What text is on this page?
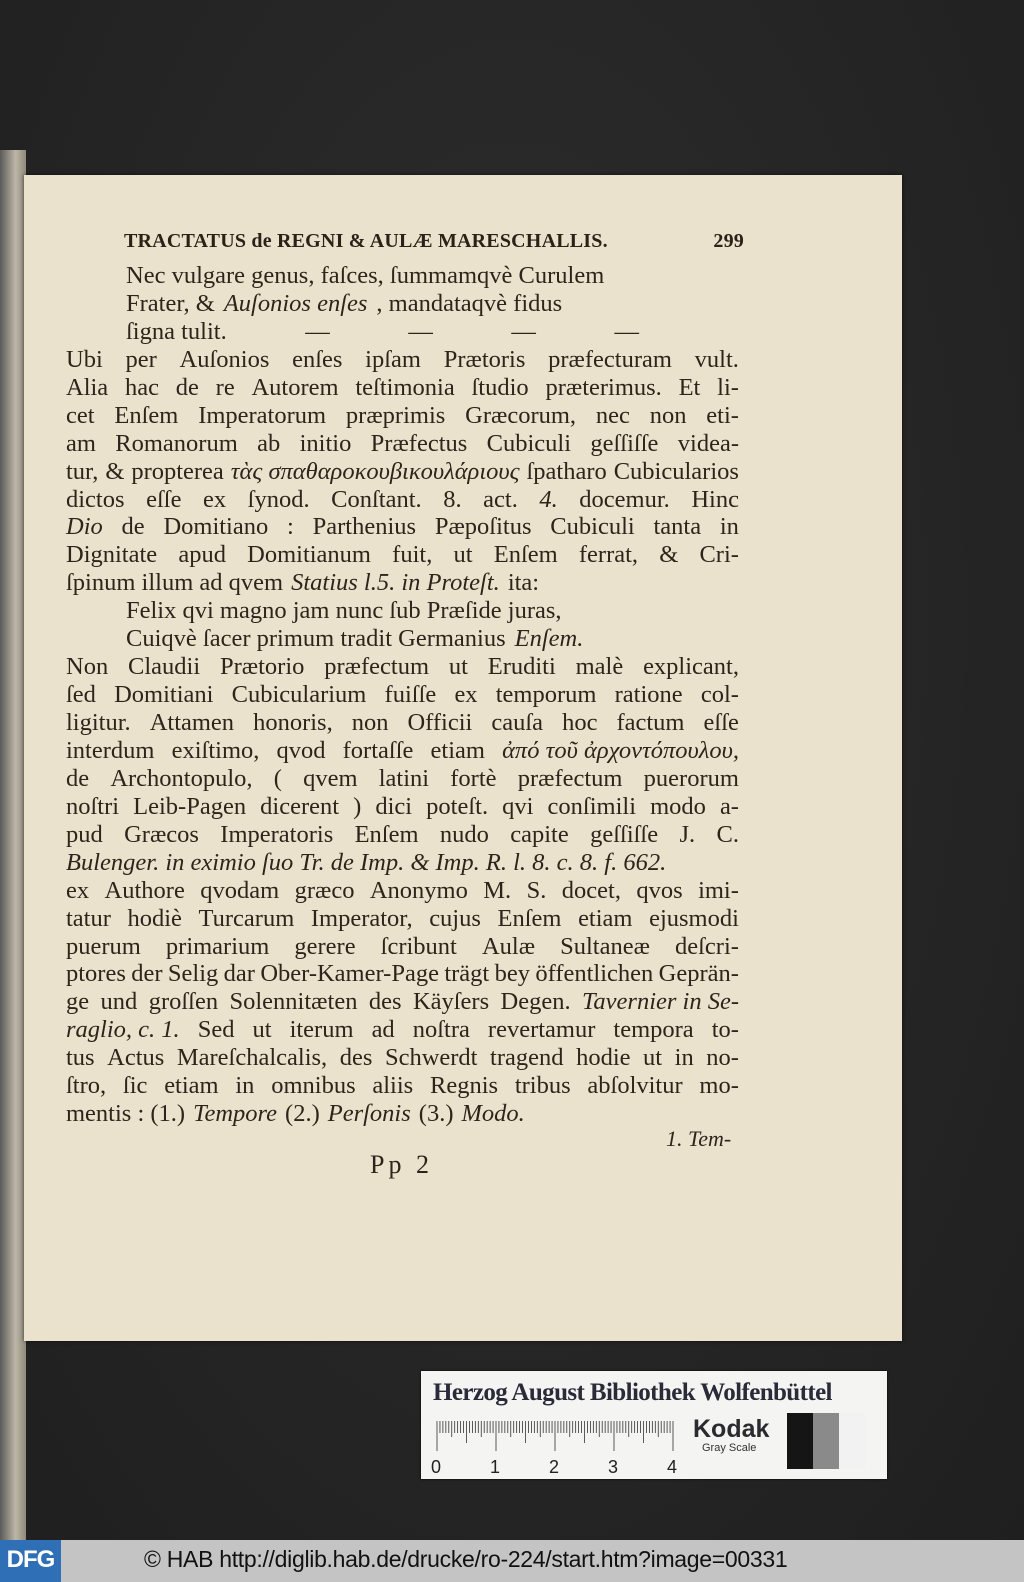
TRACTATUS de REGNI & AULÆ MARESCHALLIS.	299
Nec vulgare genus, faſces, ſummamqvè Curulem
Frater, & Auſonios enſes , mandataqvè fidus
ſigna tulit.	—	—	—	—
Ubi per Auſonios enſes ipſam Prætoris præfecturam vult.
Alia hac de re Autorem teſtimonia ſtudio præterimus. Et li-
cet Enſem Imperatorum præprimis Græcorum, nec non eti-
am Romanorum ab initio Præfectus Cubiculi geſſiſſe videa-
tur, & propterea τὰς σπαθαροκουβικουλάριους ſpatharo Cubicularios
dictos eſſe ex ſynod. Conſtant. 8. act. 4. docemur. Hinc
Dio de Domitiano : Parthenius Pæpoſitus Cubiculi tanta in
Dignitate apud Domitianum fuit, ut Enſem ferrat, & Cri-
ſpinum illum ad qvem Statius l.5. in Proteſt. ita:
Felix qvi magno jam nunc ſub Præſide juras,
Cuiqvè ſacer primum tradit Germanius Enſem.
Non Claudii Prætorio præfectum ut Eruditi malè explicant,
ſed Domitiani Cubicularium fuiſſe ex temporum ratione col-
ligitur. Attamen honoris, non Officii cauſa hoc factum eſſe
interdum exiſtimo, qvod fortaſſe etiam ἀπό τοῦ ἀρχοντόπουλου,
de Archontopulo, ( qvem latini fortè præfectum puerorum
noſtri Leib-Pagen dicerent ) dici poteſt. qvi conſimili modo a-
pud Græcos Imperatoris Enſem nudo capite geſſiſſe J. C.
Bulenger. in eximio ſuo Tr. de Imp. & Imp. R. l. 8. c. 8. f. 662.
ex Authore qvodam græco Anonymo M. S. docet, qvos imi-
tatur hodiè Turcarum Imperator, cujus Enſem etiam ejusmodi
puerum primarium gerere ſcribunt Aulæ Sultaneæ deſcri-
ptores der Selig dar Ober-Kamer-Page trägt bey öffentlichen Geprän-
ge und groſſen Solennitæten des Käyſers Degen. Tavernier in Se-
raglio, c. 1. Sed ut iterum ad noſtra revertamur tempora to-
tus Actus Mareſchalcalis, des Schwerdt tragend hodie ut in no-
ſtro, ſic etiam in omnibus aliis Regnis tribus abſolvitur mo-
mentis : (1.) Tempore (2.) Perſonis (3.) Modo.
1. Tem-
Pp 2
Herzog August Bibliothek Wolfenbüttel
0	1	2	3	4
Kodak
Gray Scale
DFG	© HAB http://diglib.hab.de/drucke/ro-224/start.htm?image=00331
